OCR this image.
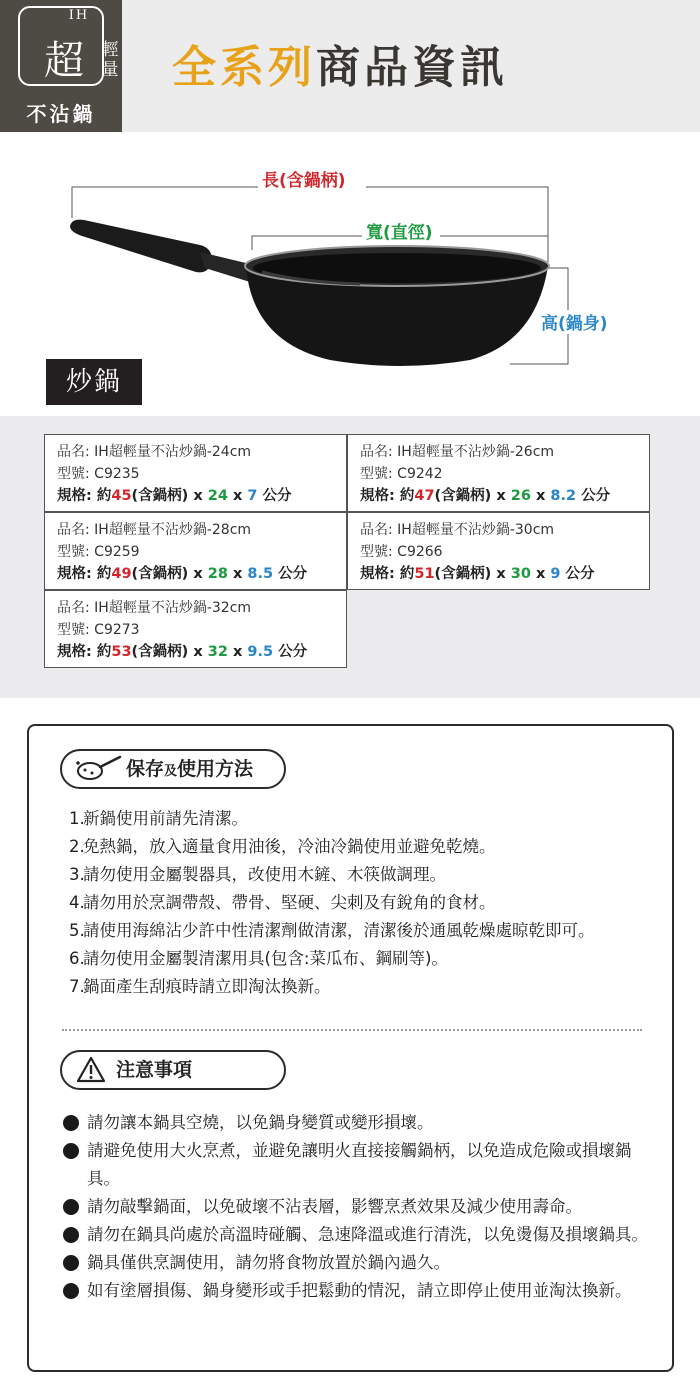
IH
超 輕
量
不沾鍋
全系列商品資訊
長(含鍋柄)
寬(直徑)
高(鍋身)
炒鍋
品名: IH超輕量不沾炒鍋-24cm
型號: C9235
規格: 約45(含鍋柄) x 24 x 7 公分
品名: IH超輕量不沾炒鍋-26cm
型號: C9242
規格: 約47(含鍋柄) x 26 x 8.2 公分
品名: IH超輕量不沾炒鍋-28cm
型號: C9259
規格: 約49(含鍋柄) x 28 x 8.5 公分
品名: IH超輕量不沾炒鍋-30cm
型號: C9266
規格: 約51(含鍋柄) x 30 x 9 公分
品名: IH超輕量不沾炒鍋-32cm
型號: C9273
規格: 約53(含鍋柄) x 32 x 9.5 公分
保存及使用方法
1.
新鍋使用前請先清潔。
2.
免熱鍋，放入適量食用油後，冷油冷鍋使用並避免乾燒。
3.
請勿使用金屬製器具，改使用木鏟、木筷做調理。
4.
請勿用於烹調帶殼、帶骨、堅硬、尖刺及有銳角的食材。
5.
請使用海綿沾少許中性清潔劑做清潔，清潔後於通風乾燥處晾乾即可。
6.
請勿使用金屬製清潔用具(包含:菜瓜布、鋼刷等)。
7.
鍋面產生刮痕時請立即淘汰換新。
注意事項
請勿讓本鍋具空燒，以免鍋身變質或變形損壞。
請避免使用大火烹煮，並避免讓明火直接接觸鍋柄，以免造成危險或損壞鍋具。
請勿敲擊鍋面，以免破壞不沾表層，影響烹煮效果及減少使用壽命。
請勿在鍋具尚處於高溫時碰觸、急速降溫或進行清洗，以免燙傷及損壞鍋具。
鍋具僅供烹調使用，請勿將食物放置於鍋內過久。
如有塗層損傷、鍋身變形或手把鬆動的情況，請立即停止使用並淘汰換新。
